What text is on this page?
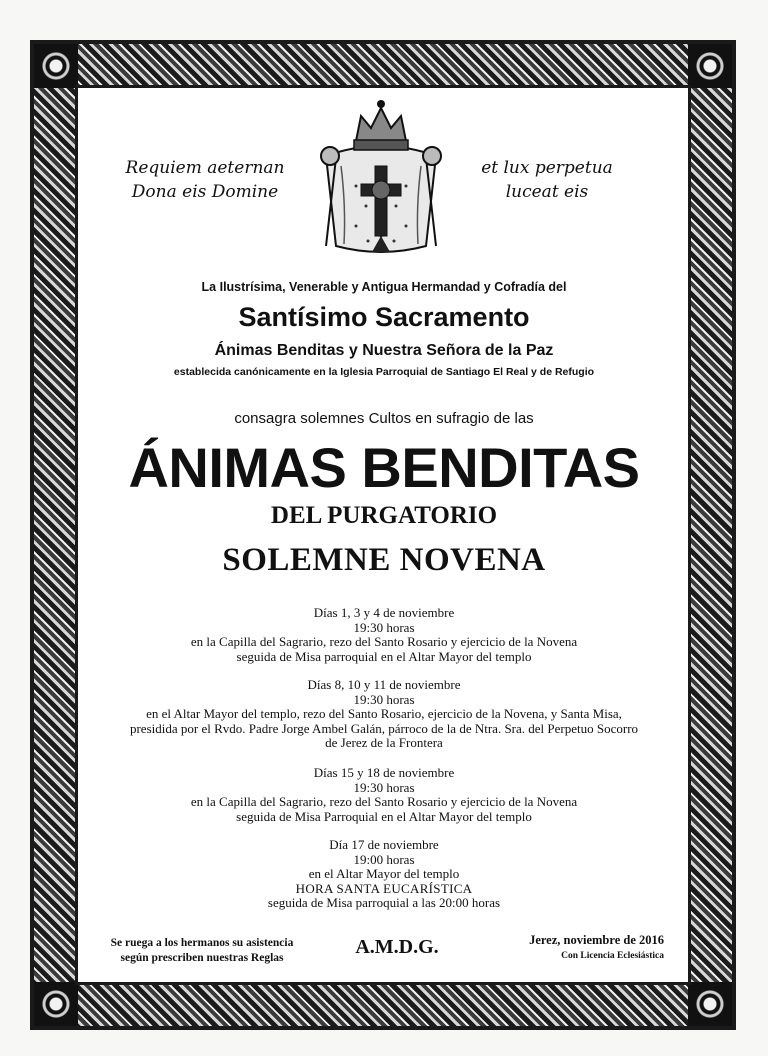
Requiem aeternan
Dona eis Domine
et lux perpetua
luceat eis
La Ilustrísima, Venerable y Antigua Hermandad y Cofradía del
Santísimo Sacramento
Ánimas Benditas y Nuestra Señora de la Paz
establecida canónicamente en la Iglesia Parroquial de Santiago El Real y de Refugio
consagra solemnes Cultos en sufragio de las
ÁNIMAS BENDITAS
DEL PURGATORIO
SOLEMNE NOVENA
Días 1, 3 y 4 de noviembre
19:30 horas
en la Capilla del Sagrario, rezo del Santo Rosario y ejercicio de la Novena
seguida de Misa parroquial en el Altar Mayor del templo
Días 8, 10 y 11 de noviembre
19:30 horas
en el Altar Mayor del templo, rezo del Santo Rosario, ejercicio de la Novena, y Santa Misa,
presidida por el Rvdo. Padre Jorge Ambel Galán, párroco de la de Ntra. Sra. del Perpetuo Socorro
de Jerez de la Frontera
Días 15 y 18 de noviembre
19:30 horas
en la Capilla del Sagrario, rezo del Santo Rosario y ejercicio de la Novena
seguida de Misa Parroquial en el Altar Mayor del templo
Día 17 de noviembre
19:00 horas
en el Altar Mayor del templo
HORA SANTA EUCARÍSTICA
seguida de Misa parroquial a las 20:00 horas
Se ruega a los hermanos su asistencia
según prescriben nuestras Reglas	A.M.D.G.	Jerez, noviembre de 2016
Con Licencia Eclesiástica
